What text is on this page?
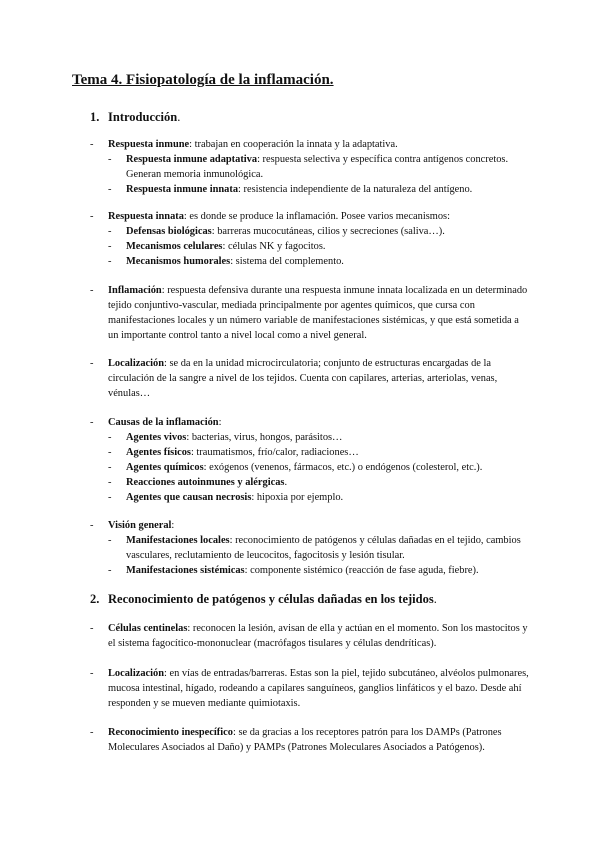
Tema 4. Fisiopatología de la inflamación.
1. Introducción.
- Respuesta inmune: trabajan en cooperación la innata y la adaptativa.
- Respuesta inmune adaptativa: respuesta selectiva y específica contra antígenos concretos. Generan memoria inmunológica.
- Respuesta inmune innata: resistencia independiente de la naturaleza del antígeno.
- Respuesta innata: es donde se produce la inflamación. Posee varios mecanismos:
- Defensas biológicas: barreras mucocutáneas, cilios y secreciones (saliva…).
- Mecanismos celulares: células NK y fagocitos.
- Mecanismos humorales: sistema del complemento.
- Inflamación: respuesta defensiva durante una respuesta inmune innata localizada en un determinado tejido conjuntivo-vascular, mediada principalmente por agentes químicos, que cursa con manifestaciones locales y un número variable de manifestaciones sistémicas, y que está sometida a un importante control tanto a nivel local como a nivel general.
- Localización: se da en la unidad microcirculatoria; conjunto de estructuras encargadas de la circulación de la sangre a nivel de los tejidos. Cuenta con capilares, arterias, arteriolas, venas, vénulas…
- Causas de la inflamación:
- Agentes vivos: bacterias, virus, hongos, parásitos…
- Agentes físicos: traumatismos, frío/calor, radiaciones…
- Agentes químicos: exógenos (venenos, fármacos, etc.) o endógenos (colesterol, etc.).
- Reacciones autoinmunes y alérgicas.
- Agentes que causan necrosis: hipoxia por ejemplo.
- Visión general:
- Manifestaciones locales: reconocimiento de patógenos y células dañadas en el tejido, cambios vasculares, reclutamiento de leucocitos, fagocitosis y lesión tisular.
- Manifestaciones sistémicas: componente sistémico (reacción de fase aguda, fiebre).
2. Reconocimiento de patógenos y células dañadas en los tejidos.
- Células centinelas: reconocen la lesión, avisan de ella y actúan en el momento. Son los mastocitos y el sistema fagocítico-mononuclear (macrófagos tisulares y células dendríticas).
- Localización: en vías de entradas/barreras. Estas son la piel, tejido subcutáneo, alvéolos pulmonares, mucosa intestinal, hígado, rodeando a capilares sanguíneos, ganglios linfáticos y el bazo. Desde ahí responden y se mueven mediante quimiotaxis.
- Reconocimiento inespecífico: se da gracias a los receptores patrón para los DAMPs (Patrones Moleculares Asociados al Daño) y PAMPs (Patrones Moleculares Asociados a Patógenos).
